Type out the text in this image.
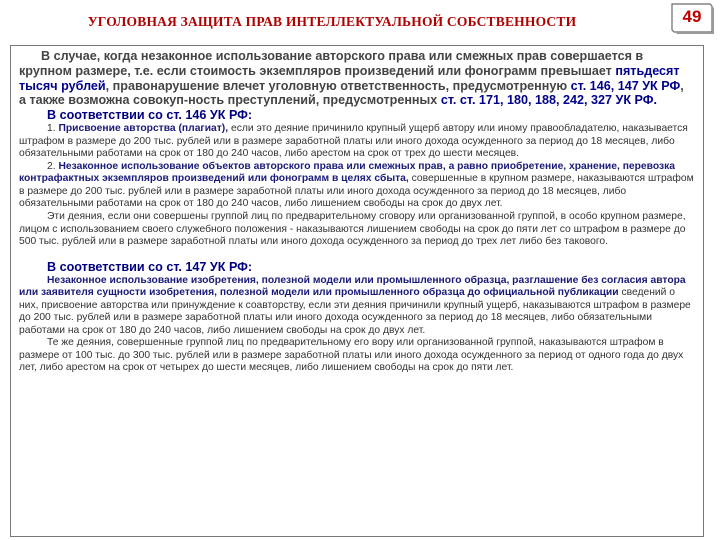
УГОЛОВНАЯ ЗАЩИТА ПРАВ ИНТЕЛЛЕКТУАЛЬНОЙ СОБСТВЕННОСТИ	49

В случае, когда незаконное использование авторского права или смежных прав совершается в крупном размере, т.е. если стоимость экземпляров произведений или фонограмм превышает пятьдесят тысяч рублей, правонарушение влечет уголовную ответственность, предусмотренную ст. 146, 147 УК РФ, а также возможна совокуп-ность преступлений, предусмотренных ст. ст. 171, 180, 188, 242, 327 УК РФ.

В соответствии со ст. 146 УК РФ:

1. Присвоение авторства (плагиат), если это деяние причинило крупный ущерб автору или иному правообладателю, наказывается штрафом в размере до 200 тыс. рублей или в размере заработной платы или иного дохода осужденного за период до 18 месяцев, либо обязательными работами на срок от 180 до 240 часов, либо арестом на срок от трех до шести месяцев.

2. Незаконное использование объектов авторского права или смежных прав, а равно приобретение, хранение, перевозка контрафактных экземпляров произведений или фонограмм в целях сбыта, совершенные в крупном размере, наказываются штрафом в размере до 200 тыс. рублей или в размере заработной платы или иного дохода осужденного за период до 18 месяцев, либо обязательными работами на срок от 180 до 240 часов, либо лишением свободы на срок до двух лет.

Эти деяния, если они совершены группой лиц по предварительному сговору или организованной группой, в особо крупном размере, лицом с использованием своего служебного положения - наказываются лишением свободы на срок до пяти лет со штрафом в размере до 500 тыс. рублей или в размере заработной платы или иного дохода осужденного за период до трех лет либо без такового.

В соответствии со ст. 147 УК РФ:

Незаконное использование изобретения, полезной модели или промышленного образца, разглашение без согласия автора или заявителя сущности изобретения, полезной модели или промышленного образца до официальной публикации сведений о них, присвоение авторства или принуждение к соавторству, если эти деяния причинили крупный ущерб, наказываются штрафом в размере до 200 тыс. рублей или в размере заработной платы или иного дохода осужденного за период до 18 месяцев, либо обязательными работами на срок от 180 до 240 часов, либо лишением свободы на срок до двух лет.

Те же деяния, совершенные группой лиц по предварительному его вору или организованной группой, наказываются штрафом в размере от 100 тыс. до 300 тыс. рублей или в размере заработной платы или иного дохода осужденного за период от одного года до двух лет, либо арестом на срок от четырех до шести месяцев, либо лишением свободы на срок до пяти лет.
